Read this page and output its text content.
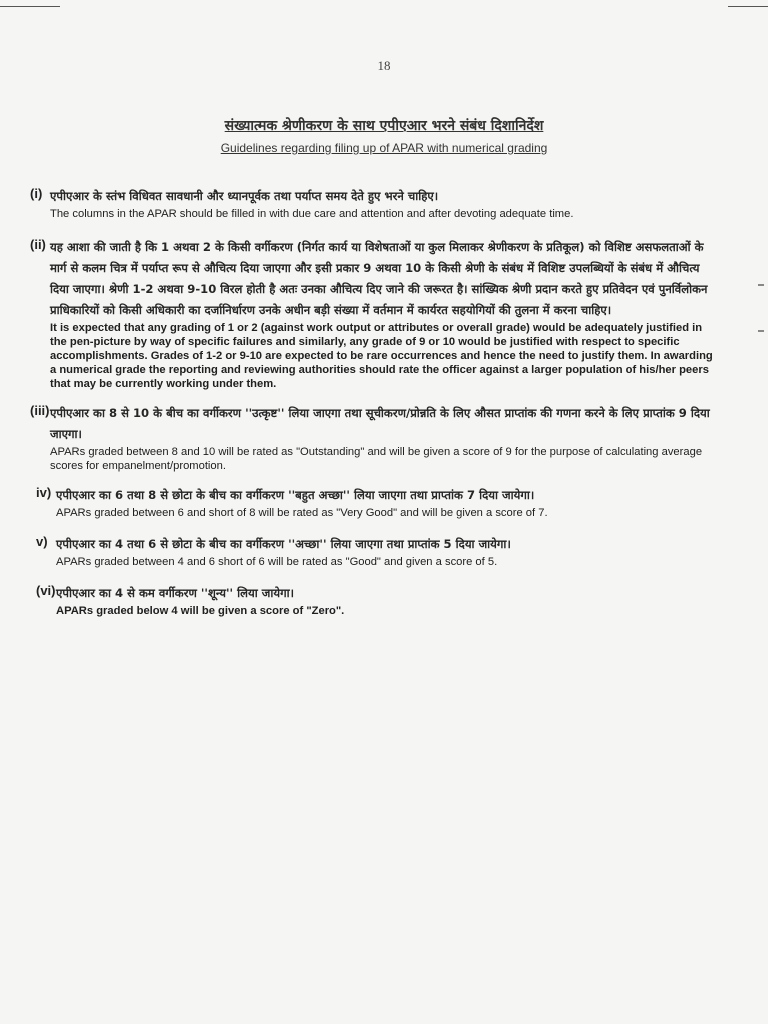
18
संख्यात्मक श्रेणीकरण के साथ एपीएआर भरने संबंध दिशानिर्देश
Guidelines regarding filing up of APAR with numerical grading
(i) एपीएआर के स्तंभ विधिवत सावधानी और ध्यानपूर्वक तथा पर्याप्त समय देते हुए भरने चाहिए।
The columns in the APAR should be filled in with due care and attention and after devoting adequate time.
(ii) यह आशा की जाती है कि 1 अथवा 2 के किसी वर्गीकरण (निर्गत कार्य या विशेषताओं या कुल मिलाकर श्रेणीकरण के प्रतिकूल) को विशिष्ट असफलताओं के मार्ग से कलम चित्र में पर्याप्त रूप से औचित्य दिया जाएगा और इसी प्रकार 9 अथवा 10 के किसी श्रेणी के संबंध में विशिष्ट उपलब्धियों के संबंध में औचित्य दिया जाएगा। श्रेणी 1-2 अथवा 9-10 विरल होती है अतः उनका औचित्य दिए जाने की जरूरत है। सांख्यिक श्रेणी प्रदान करते हुए प्रतिवेदन एवं पुनर्विलोकन प्राधिकारियों को किसी अधिकारी का दर्जानिर्धारण उनके अधीन बड़ी संख्या में वर्तमान में कार्यरत सहयोगियों की तुलना में करना चाहिए।
It is expected that any grading of 1 or 2 (against work output or attributes or overall grade) would be adequately justified in the pen-picture by way of specific failures and similarly, any grade of 9 or 10 would be justified with respect to specific accomplishments. Grades of 1-2 or 9-10 are expected to be rare occurrences and hence the need to justify them. In awarding a numerical grade the reporting and reviewing authorities should rate the officer against a larger population of his/her peers that may be currently working under them.
(iii) एपीएआर का 8 से 10 के बीच का वर्गीकरण ''उत्कृष्ट'' लिया जाएगा तथा सूचीकरण/प्रोन्नति के लिए औसत प्राप्तांक की गणना करने के लिए प्राप्तांक 9 दिया जाएगा।
APARs graded between 8 and 10 will be rated as "Outstanding" and will be given a score of 9 for the purpose of calculating average scores for empanelment/promotion.
iv) एपीएआर का 6 तथा 8 से छोटा के बीच का वर्गीकरण ''बहुत अच्छा'' लिया जाएगा तथा प्राप्तांक 7 दिया जायेगा।
APARs graded between 6 and short of 8 will be rated as "Very Good" and will be given a score of 7.
v) एपीएआर का 4 तथा 6 से छोटा के बीच का वर्गीकरण ''अच्छा'' लिया जाएगा तथा प्राप्तांक 5 दिया जायेगा।
APARs graded between 4 and 6 short of 6 will be rated as "Good" and given a score of 5.
(vi) एपीएआर का 4 से कम वर्गीकरण ''शून्य'' लिया जायेगा।
APARs graded below 4 will be given a score of "Zero".
